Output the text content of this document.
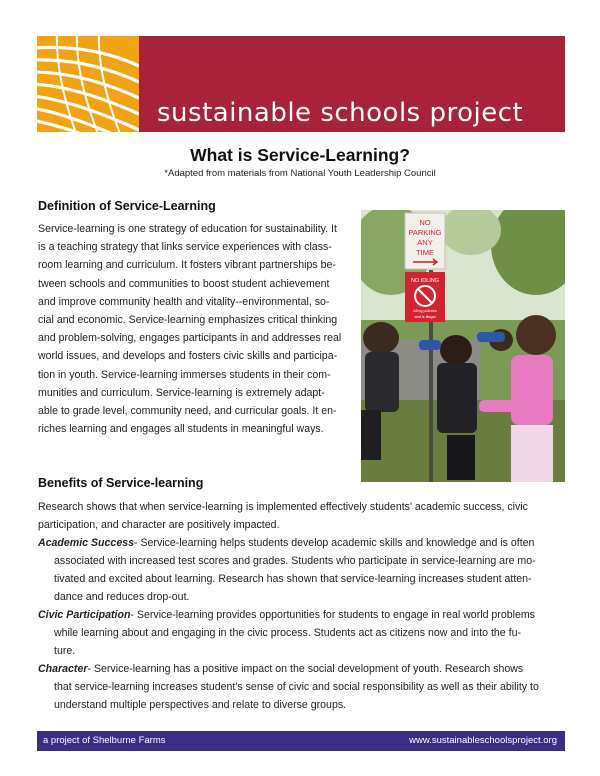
sustainable schools project
What is Service-Learning?
*Adapted from materials from National Youth Leadership Council
Definition of Service-Learning
Service-learning is one strategy of education for sustainability. It
is a teaching strategy that links service experiences with class-
room learning and curriculum. It fosters vibrant partnerships be-
tween schools and communities to boost student achievement
and improve community health and vitality--environmental, so-
cial and economic. Service-learning emphasizes critical thinking
and problem-solving, engages participants in and addresses real
world issues, and develops and fosters civic skills and participa-
tion in youth. Service-learning immerses students in their com-
munities and curriculum. Service-learning is extremely adapt-
able to grade level, community need, and curricular goals. It en-
riches learning and engages all students in meaningful ways.
NO
PARKING
ANY
TIME
NO IDLING
Idling pollutes
and is illegal
Benefits of Service-learning
Research shows that when service-learning is implemented effectively students' academic success, civic
participation, and character are positively impacted.
Academic Success- Service-learning helps students develop academic skills and knowledge and is often
associated with increased test scores and grades. Students who participate in service-learning are mo-
tivated and excited about learning. Research has shown that service-learning increases student atten-
dance and reduces drop-out.
Civic Participation- Service-learning provides opportunities for students to engage in real world problems
while learning about and engaging in the civic process. Students act as citizens now and into the fu-
ture.
Character- Service-learning has a positive impact on the social development of youth. Research shows
that service-learning increases student's sense of civic and social responsibility as well as their ability to
understand multiple perspectives and relate to diverse groups.
a project of Shelburne Farms	www.sustainableschoolsproject.org
